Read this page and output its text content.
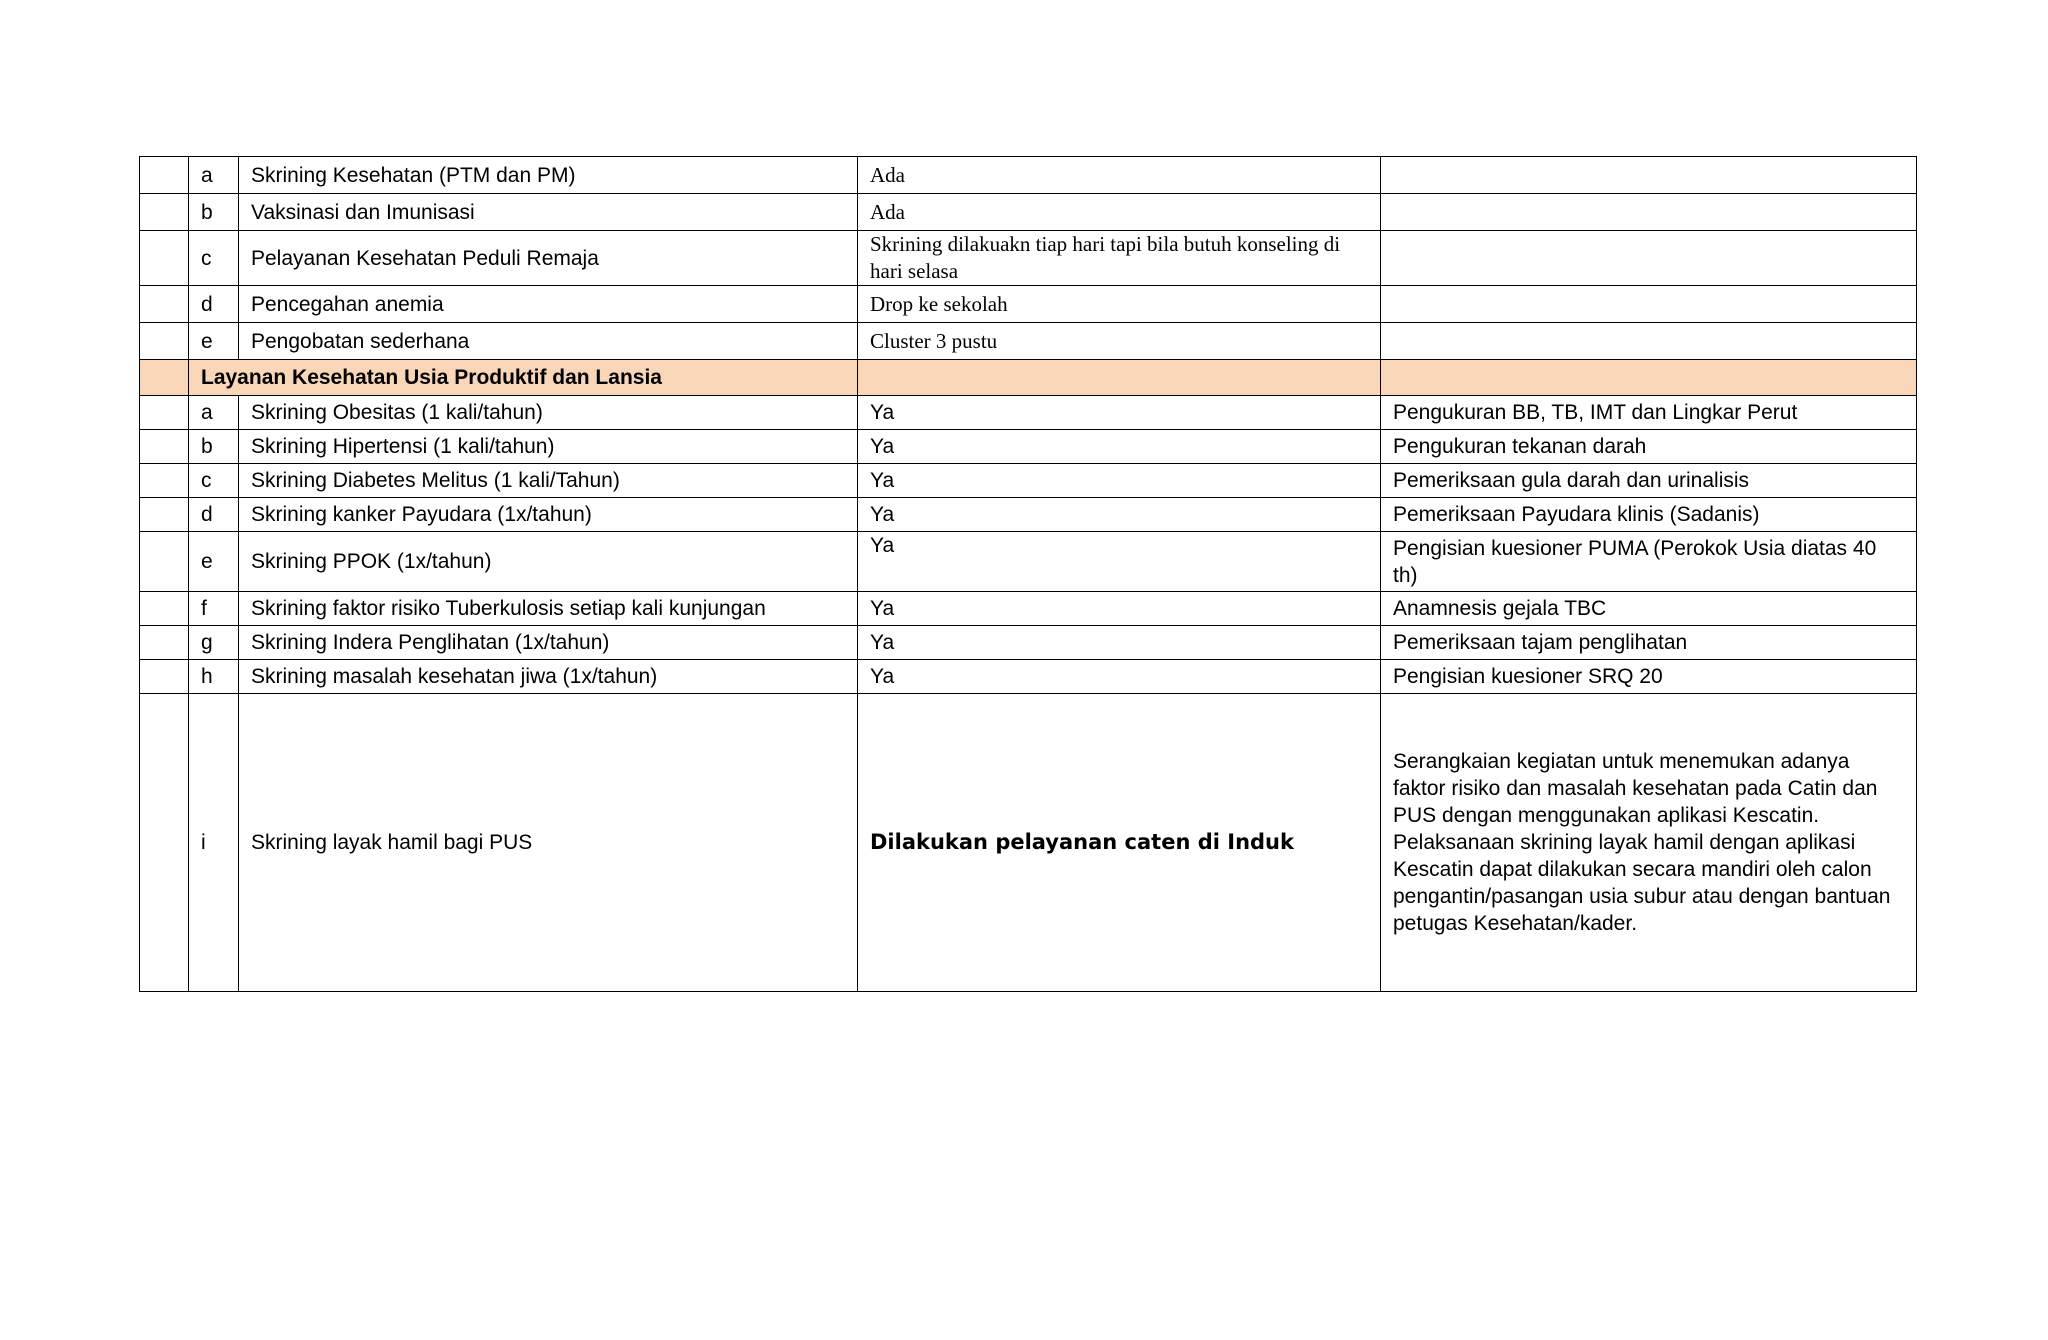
	a	Skrining Kesehatan (PTM dan PM)	Ada	
	b	Vaksinasi dan Imunisasi	Ada	
	c	Pelayanan Kesehatan Peduli Remaja	Skrining dilakuakn tiap hari tapi bila butuh konseling di hari selasa	
	d	Pencegahan anemia	Drop ke sekolah	
	e	Pengobatan sederhana	Cluster 3 pustu	
	Layanan Kesehatan Usia Produktif dan Lansia			
	a	Skrining Obesitas (1 kali/tahun)	Ya	Pengukuran BB, TB, IMT dan Lingkar Perut
	b	Skrining Hipertensi (1 kali/tahun)	Ya	Pengukuran tekanan darah
	c	Skrining Diabetes Melitus (1 kali/Tahun)	Ya	Pemeriksaan gula darah dan urinalisis
	d	Skrining kanker Payudara (1x/tahun)	Ya	Pemeriksaan Payudara klinis (Sadanis)
	e	Skrining PPOK (1x/tahun)	Ya	Pengisian kuesioner PUMA (Perokok Usia diatas 40 th)
	f	Skrining faktor risiko Tuberkulosis setiap kali kunjungan	Ya	Anamnesis gejala TBC
	g	Skrining Indera Penglihatan (1x/tahun)	Ya	Pemeriksaan tajam penglihatan
	h	Skrining masalah kesehatan jiwa (1x/tahun)	Ya	Pengisian kuesioner SRQ 20
	i	Skrining layak hamil bagi PUS	Dilakukan pelayanan caten di Induk	Serangkaian kegiatan untuk menemukan adanya faktor risiko dan masalah kesehatan pada Catin dan PUS dengan menggunakan aplikasi Kescatin. Pelaksanaan skrining layak hamil dengan aplikasi Kescatin dapat dilakukan secara mandiri oleh calon pengantin/pasangan usia subur atau dengan bantuan petugas Kesehatan/kader.
